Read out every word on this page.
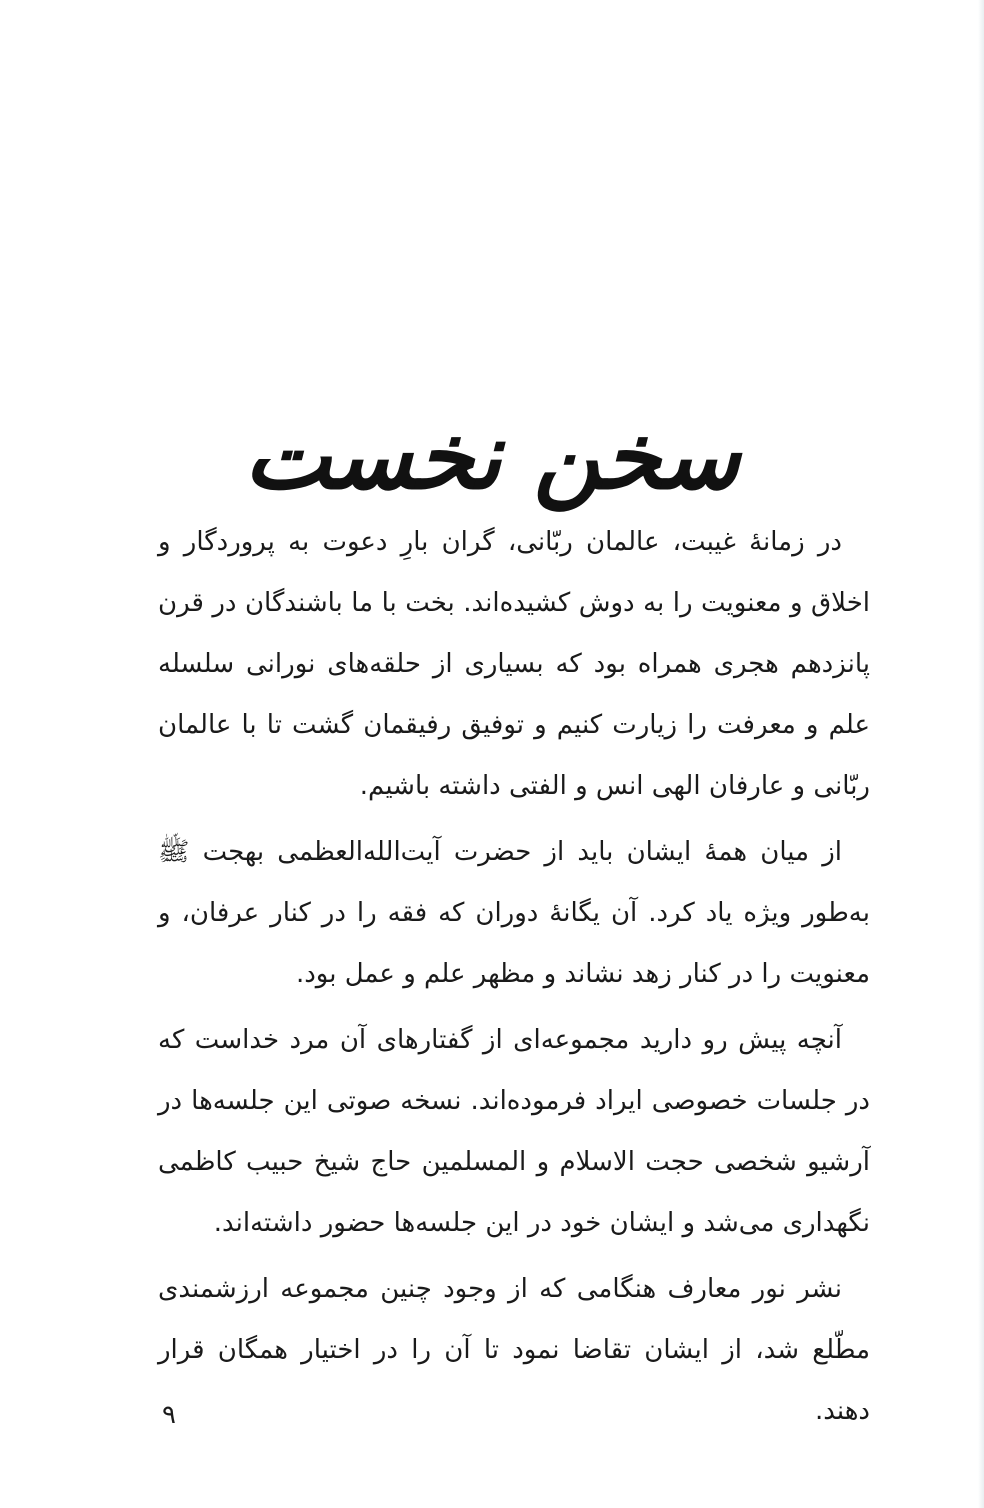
سخن نخست

در زمانهٔ غیبت، عالمان ربّانی، گران بارِ دعوت به پروردگار و اخلاق و معنویت را به دوش کشیده‌اند. بخت با ما باشندگان در قرن پانزدهم هجری همراه بود که بسیاری از حلقه‌های نورانی سلسله علم و معرفت را زیارت کنیم و توفیق رفیقمان گشت تا با عالمان ربّانی و عارفان الهی انس و الفتی داشته باشیم.

از میان همهٔ ایشان باید از حضرت آیت‌الله‌العظمی بهجت ﷺ به‌طور ویژه یاد کرد. آن یگانهٔ دوران که فقه را در کنار عرفان، و معنویت را در کنار زهد نشاند و مظهر علم و عمل بود.

آنچه پیش رو دارید مجموعه‌ای از گفتارهای آن مرد خداست که در جلسات خصوصی ایراد فرموده‌اند. نسخه صوتی این جلسه‌ها در آرشیو شخصی حجت الاسلام و المسلمین حاج شیخ حبیب کاظمی نگهداری می‌شد و ایشان خود در این جلسه‌ها حضور داشته‌اند.

نشر نور معارف هنگامی که از وجود چنین مجموعه ارزشمندی مطّلع شد، از ایشان تقاضا نمود تا آن را در اختیار همگان قرار دهند.

۹
